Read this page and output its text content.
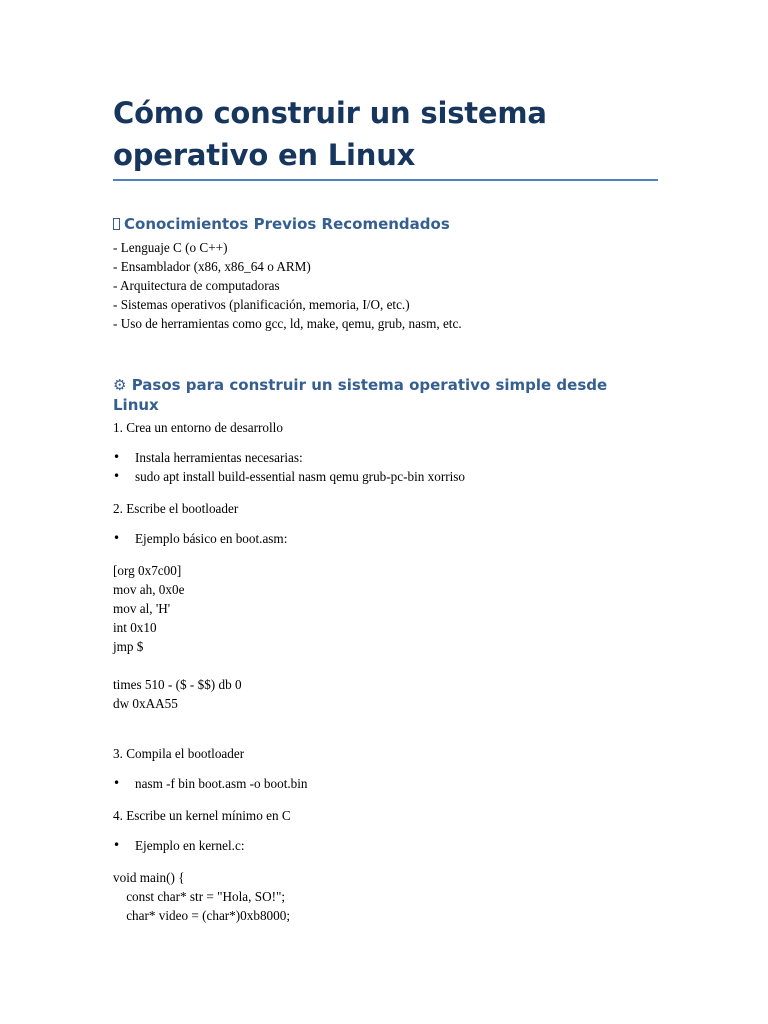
Cómo construir un sistema operativo en Linux
Conocimientos Previos Recomendados
- Lenguaje C (o C++)
- Ensamblador (x86, x86_64 o ARM)
- Arquitectura de computadoras
- Sistemas operativos (planificación, memoria, I/O, etc.)
- Uso de herramientas como gcc, ld, make, qemu, grub, nasm, etc.
⚙ Pasos para construir un sistema operativo simple desde Linux

1. Crea un entorno de desarrollo

• Instala herramientas necesarias:
• sudo apt install build-essential nasm qemu grub-pc-bin xorriso

2. Escribe el bootloader

• Ejemplo básico en boot.asm:
[org 0x7c00]
mov ah, 0x0e
mov al, 'H'
int 0x10
jmp $
times 510 - ($ - $$) db 0
dw 0xAA55

3. Compila el bootloader

• nasm -f bin boot.asm -o boot.bin

4. Escribe un kernel mínimo en C

• Ejemplo en kernel.c:
void main() {
const char* str = "Hola, SO!";
char* video = (char*)0xb8000;
